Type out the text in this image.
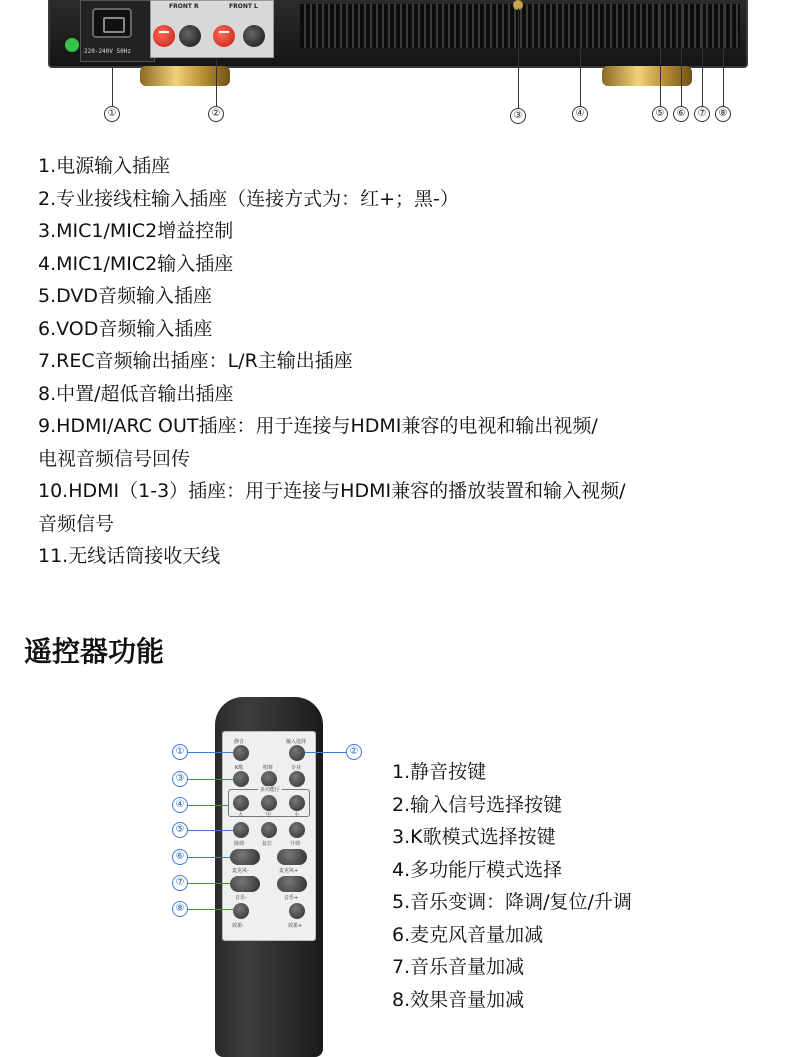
220-240V 50Hz
FRONT R	FRONT L
①	②	③	④	⑤	⑥	⑦	⑧
1.电源输入插座
2.专业接线柱输入插座（连接方式为：红+；黑-）
3.MIC1/MIC2增益控制
4.MIC1/MIC2输入插座
5.DVD音频输入插座
6.VOD音频输入插座
7.REC音频输出插座：L/R主输出插座
8.中置/超低音输出插座
9.HDMI/ARC OUT插座：用于连接与HDMI兼容的电视和输出视频/
电视音频信号回传
10.HDMI（1-3）插座：用于连接与HDMI兼容的播放装置和输入视频/
音频信号
11.无线话筒接收天线
遥控器功能
静音	输入选择
K歌	唱将	专业
多功能厅
大	中	小
降调	复位	升调
麦克风-	麦克风+
音乐-	音乐+
效果-	效果+
①	②
③
④
⑤
⑥
⑦
⑧
1.静音按键
2.输入信号选择按键
3.K歌模式选择按键
4.多功能厅模式选择
5.音乐变调：降调/复位/升调
6.麦克风音量加减
7.音乐音量加减
8.效果音量加减
